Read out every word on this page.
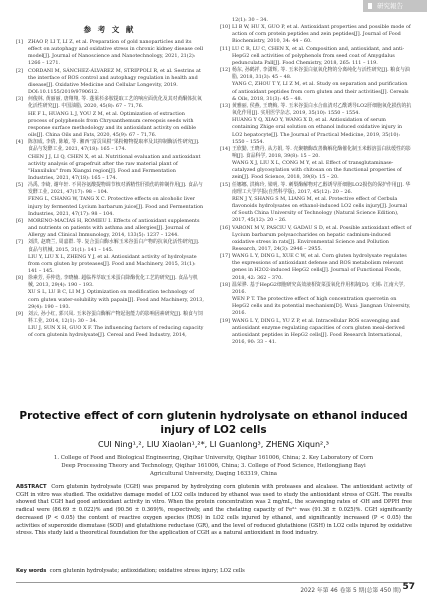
研究報告
参 考 文 献
[1]	ZHAO P, LI T, LI Z, et al. Preparation of gold nanoparticles and its effect on autophagy and oxidative stress in chronic kidney disease cell model[J]. Journal of Nanoscience and Nanotechnology, 2021, 21(2): 1266 – 1271.
[2]	CORDANI M, SÁNCHEZ-ÁLVAREZ M, STRIPPOLI R, et al. Sestrins at the interface of ROS control and autophagy regulation in health and disease[J]. Oxidative Medicine and Cellular Longevity, 2019. DOI:10.1155/2019/9790612.
[3]	何俊林, 黄丽丽, 唐翔翔, 等. 蓬莱杉多胺提取工艺的响应面优化及其对黄酮体抗氧化活性研究[J]. 中国油脂, 2020, 45(8): 67 – 71,76.
HE F L, HUANG L J, YOU Z M, et al. Optimization of extraction process of polyphenols from Chrysanthemum cereopsis seeds with response surface methodology and its antioxidant activity on edible oils[J]. China Oils and Fats, 2020, 45(9): 67 – 71,76.
[4]	陈加成, 李倩, 陈敏, 等. 湘西“富贡凤柑”果粉糖物提取率及其抑制酶活性研究[J]. 食品与发酵工业, 2021, 47(18): 165 – 174.
CHEN J J, LI Q, CHEN X, et al. Nutritional evaluation and antioxidant activity analysis of grapefruit after the raw material plant of "Hanxiluku" from Xiangxi region[J]. Food and Fermentation Industries, 2021, 47(18): 165 – 174.
[5]	冯禹, 李绮, 谢年轩. 不同谷氨酸提物调节核对酒精性肝损伤的抑制作用[J]. 食品与发酵工业, 2021, 47(17): 98 – 104.
FENG L, CHANG W, TANG X C. Protective effects on alcoholic liver injury by fermented Lycium barbarum juice[J]. Food and Fermentation Industries, 2021, 47(17): 98 – 104.
[6]	MORENO-MACÍAS H, ROMIEU I. Effects of antioxidant supplements and nutrients on patients with asthma and allergies[J]. Journal of Allergy and Clinical Immunology, 2014, 133(5): 1237 – 1244.
[7]	刘洪, 赵晓兰, 周嘉群. 等. 复合蛋白酶水解玉米谷蛋白产物的抗氧化活性研究[J]. 食品与机械, 2015, 31(1): 141 – 145.
LIU Y, LIU X L, ZHENG Y J, et al. Antioxidant activity of hydrolysate from corn gluten by proteases[J]. Food and Machinery, 2015, 31(1): 141 – 145.
[8]	徐素芳, 乔仲选, 李晓楠. 超临界萃取玉米蛋白降酶优化工艺的研究[J]. 食品与机械, 2013, 29(4): 190 – 193.
XU S L, LU B C, LI M J. Optimization on modification technology of corn gluten water-solubility with papain[J]. Food and Machinery, 2013, 29(4): 190 – 193.
[9]	刘云, 孙小红, 郭兴凤. 玉米谷蛋白酶解产物起泡能力的影响因素研究[J]. 粮食与饲料工业, 2014, 12(1): 30 – 34.
LIU J, SUN X H, GUO X F. The influencing factors of reducing capacity of corn glutenin hydrolysate[J]. Cereal and Feed Industry, 2014,
12(1): 30 – 34.
[10] LI B W, HU X, GUO P, et al. Antioxidant properties and possible mode of action of corn protein peptides and zein peptides[J]. Journal of Food Biochemistry, 2010, 34: 44 – 60.
[11] LU C R, LU C, CHEN X, et al. Composition and, antioxidant, and anti-HepG2 cell activities of polyphenols from seed coat of Amygdalus pedunculata Pall[J]. Food Chemistry, 2018, 265: 111 – 119.
[12] 杨东, 孙鹤祥, 李潇辉, 等. 玉米谷蛋白氨氧化物的分离纯化与活性研究[J]. 粮食与油脂, 2018, 31(3): 45 – 48.
YANG C, ZHOU T Y, LI Z M, et al. Study on separation and purification of antioxidant peptides from corn gluten and their activities[J]. Cereals & Oils, 2018, 31(3): 45 – 48.
[13] 黄雅丽, 侯燕, 王晓梅, 等. 玉米谷蛋白水合血清对乙酰诱导LO2肝细胞氧化损伤的抗氧化作用[J]. 实用医学杂志, 2019, 35(10): 1550 – 1554.
HUANG Y Q, XIAO Y, WANG X D, et al. Antioxidation of serum containing Zhige oral solution on ethanol induced oxidative injury in LO2 hepatocyte[J]. The Journal of Practical Medicine, 2019, 35(10): 1550 – 1554.
[14] 王欣勤, 王晓丹, 从方娟, 等. 壳聚糖酶改善酶解化酶催化制玉米醇溶蛋白肽缓性的影响[J]. 食品科学, 2018, 39(8): 15 – 20.
WANG X J, LIU X L, CONG M Y, et al. Effect of transglutaminase-catalyzed glycosylation with chitosan on the functional properties of zein[J]. Food Science, 2018, 39(8): 15 – 20.
[15] 任娜娜, 洪梅玲, 梁明, 等. 刺梨酶解物对乙醇诱导肝细胞LO2损伤的保护作用[J]. 华南理工大学学报(自然科学版), 2017, 45(12): 20 – 26.
REN J Y, SHANG S M, LIANG M, et al. Protective effect of Cerbula flavonoids hydrolysates on ethanol-induced LO2 cells injury[J]. Journal of South China University of Technology (Natural Science Edition), 2017, 45(12): 20 – 26.
[16] VARONI M V, PASCIU V, GADAU S D, et al. Possible antioxidant effect of Lycium barbarum polysaccharides on hepatic cadmium-induced oxidative stress in rats[J]. Environmental Science and Pollution Research, 2017, 24(3): 2946 – 2955.
[17] WANG L Y, DING L, XUE C W, et al. Corn gluten hydrolysate regulates the expressions of antioxidant defense and ROS metabolism relevant genes in H2O2-induced HepG2 cells[J]. Journal of Functional Foods, 2018, 42: 362 – 370.
[18] 温荣骅. 基于HepG2细胞研究高效液相资菜蛋氧化作用机制[D]. 无锡: 江南大学, 2016.
WEN P T. The protective effect of high concentration quercetin on HepG2 cells and its potential mechanism[D]. Wuxi: Jiangnan University, 2016.
[19] WANG L Y, DING L, YU Z P, et al. Intracellular ROS scavenging and antioxidant enzyme regulating capacities of corn gluten meal-derived antioxidant peptides in HepG2 cells[J]. Food Research International, 2016, 90: 33 – 41.
Protective effect of corn glutenin hydrolysate on ethanol induced injury of LO2 cells
CUI Ning¹,², LIU Xiaolan¹,²*, LI Guanlong³, ZHENG Xiqun²,³
1. College of Food and Biological Engineering, Qiqihar University, Qiqihar 161006, China; 2. Key Laboratory of Corn
Deep Processing Theory and Technology, Qiqihar 161006, China; 3. College of Food Science, Heilongjiang Bayi
Agricultural University, Daqing 163319, China
ABSTRACT Corn glutenin hydrolysate (CGH) was prepared by hydrolyzing corn glutenin with proteases and alcalase. The antioxidant activity of CGH in vitro was studied. The oxidative damage model of LO2 cells induced by ethanol was used to study the antioxidant stress of CGH. The results showed that CGH had good antioxidant activity in vitro. When the protein concentration was 2 mg/mL, the scavenging rates of ·OH and DPPH free radical were (86.69 ± 0.022)% and (90.56 ± 0.369)%, respectively, and the chelating capacity of Fe²⁺ was (91.38 ± 0.025)%. CGH significantly decreased (P < 0.05) the content of reactive oxygen species (ROS) in LO2 cells injured by ethanol, and significantly increased (P < 0.05) the activities of superoxide dismutase (SOD) and glutathione reductase (GR), and the level of reduced glutathione (GSH) in LO2 cells injured by oxidative stress. This study laid a theoretical foundation for the application of CGH as a natural antioxidant in food industry.
Key words corn glutenin hydrolysate; antioxidation; oxidative stress injury; LO2 cells
2022 年第 46 卷第 5 期(总第 450 期) 57
